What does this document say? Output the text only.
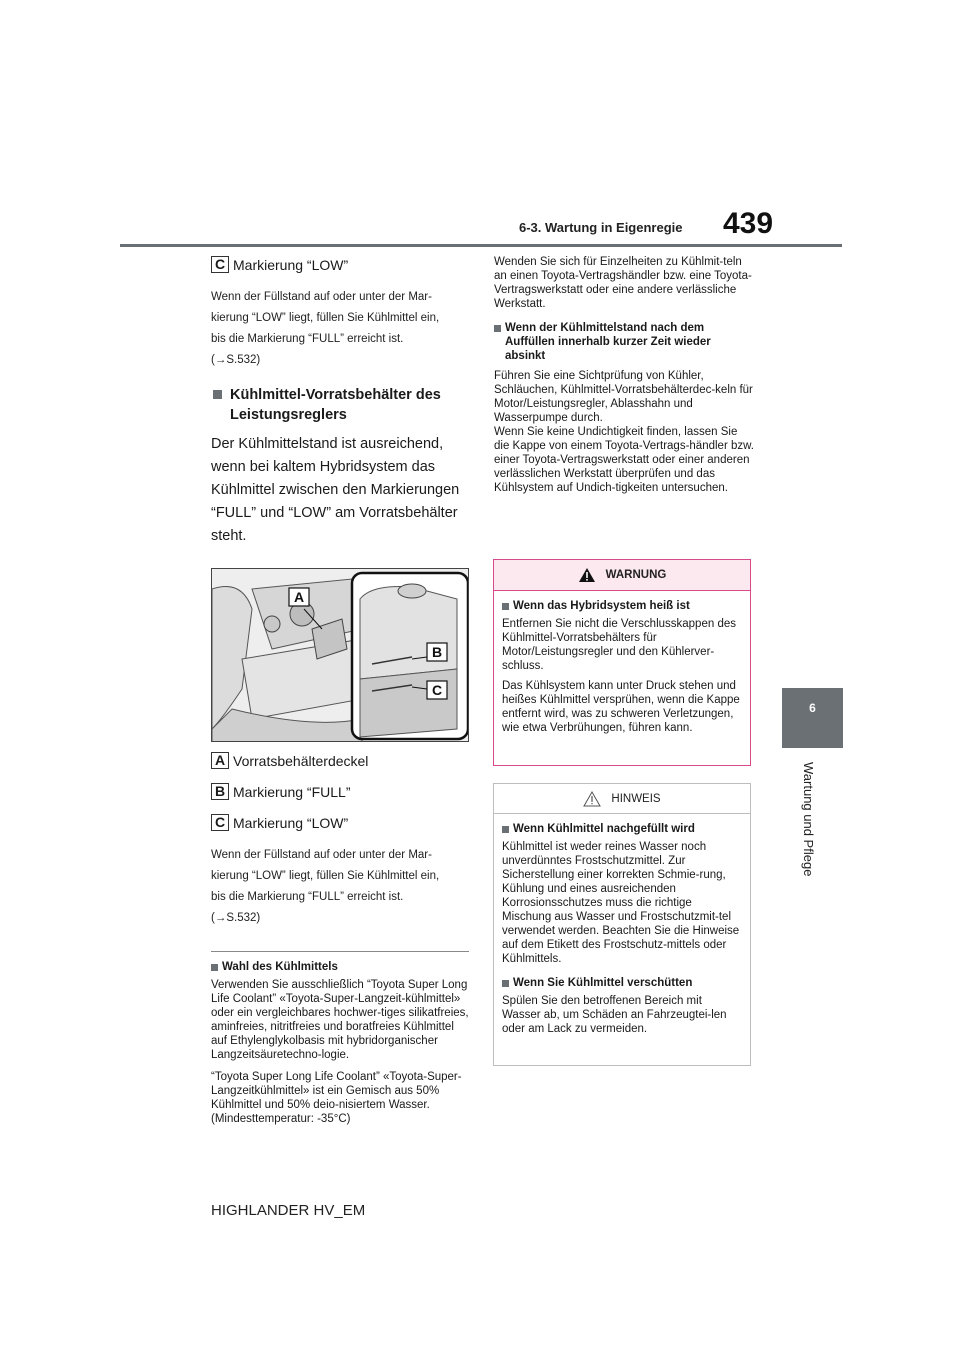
6-3. Wartung in Eigenregie 439
6
Wartung und Pflege
C Markierung “LOW”
Wenn der Füllstand auf oder unter der Mar-
kierung “LOW” liegt, füllen Sie Kühlmittel ein,
bis die Markierung “FULL” erreicht ist.
(→S.532)
Kühlmittel-Vorratsbehälter des Leistungsreglers
Der Kühlmittelstand ist ausreichend, wenn bei kaltem Hybridsystem das Kühlmittel zwischen den Markierungen “FULL” und “LOW” am Vorratsbehälter steht.
A
B
C
A Vorratsbehälterdeckel
B Markierung “FULL”
C Markierung “LOW”
Wenn der Füllstand auf oder unter der Mar-
kierung “LOW” liegt, füllen Sie Kühlmittel ein,
bis die Markierung “FULL” erreicht ist.
(→S.532)
Wahl des Kühlmittels
Verwenden Sie ausschließlich “Toyota Super Long Life Coolant” «Toyota-Super-Langzeit-kühlmittel» oder ein vergleichbares hochwer-tiges silikatfreies, aminfreies, nitritfreies und boratfreies Kühlmittel auf Ethylenglykolbasis mit hybridorganischer Langzeitsäuretechno-logie.
“Toyota Super Long Life Coolant” «Toyota-Super-Langzeitkühlmittel» ist ein Gemisch aus 50% Kühlmittel und 50% deio-nisiertem Wasser. (Mindesttemperatur: -35°C)
Wenden Sie sich für Einzelheiten zu Kühlmit-teln an einen Toyota-Vertragshändler bzw. eine Toyota-Vertragswerkstatt oder eine andere verlässliche Werkstatt.
Wenn der Kühlmittelstand nach dem Auffüllen innerhalb kurzer Zeit wieder absinkt
Führen Sie eine Sichtprüfung von Kühler, Schläuchen, Kühlmittel-Vorratsbehälterdec-keln für Motor/Leistungsregler, Ablasshahn und Wasserpumpe durch.
Wenn Sie keine Undichtigkeit finden, lassen Sie die Kappe von einem Toyota-Vertrags-händler bzw. einer Toyota-Vertragswerkstatt oder einer anderen verlässlichen Werkstatt überprüfen und das Kühlsystem auf Undich-tigkeiten untersuchen.
WARNUNG
Wenn das Hybridsystem heiß ist
Entfernen Sie nicht die Verschlusskappen des Kühlmittel-Vorratsbehälters für Motor/Leistungsregler und den Kühlerver-schluss.
Das Kühlsystem kann unter Druck stehen und heißes Kühlmittel versprühen, wenn die Kappe entfernt wird, was zu schweren Verletzungen, wie etwa Verbrühungen, führen kann.
HINWEIS
Wenn Kühlmittel nachgefüllt wird
Kühlmittel ist weder reines Wasser noch unverdünntes Frostschutzmittel. Zur Sicherstellung einer korrekten Schmie-rung, Kühlung und eines ausreichenden Korrosionsschutzes muss die richtige Mischung aus Wasser und Frostschutzmit-tel verwendet werden. Beachten Sie die Hinweise auf dem Etikett des Frostschutz-mittels oder Kühlmittels.
Wenn Sie Kühlmittel verschütten
Spülen Sie den betroffenen Bereich mit Wasser ab, um Schäden an Fahrzeugtei-len oder am Lack zu vermeiden.
HIGHLANDER HV_EM
